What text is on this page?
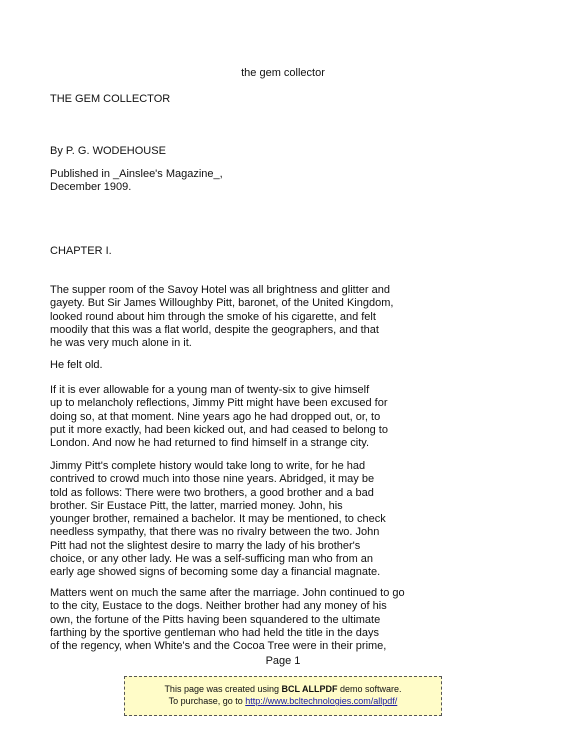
the gem collector
THE GEM COLLECTOR
By P. G. WODEHOUSE
Published in _Ainslee's Magazine_,
December 1909.
CHAPTER I.
The supper room of the Savoy Hotel was all brightness and glitter and
gayety. But Sir James Willoughby Pitt, baronet, of the United Kingdom,
looked round about him through the smoke of his cigarette, and felt
moodily that this was a flat world, despite the geographers, and that
he was very much alone in it.
He felt old.
If it is ever allowable for a young man of twenty-six to give himself
up to melancholy reflections, Jimmy Pitt might have been excused for
doing so, at that moment. Nine years ago he had dropped out, or, to
put it more exactly, had been kicked out, and had ceased to belong to
London. And now he had returned to find himself in a strange city.
Jimmy Pitt's complete history would take long to write, for he had
contrived to crowd much into those nine years. Abridged, it may be
told as follows: There were two brothers, a good brother and a bad
brother. Sir Eustace Pitt, the latter, married money. John, his
younger brother, remained a bachelor. It may be mentioned, to check
needless sympathy, that there was no rivalry between the two. John
Pitt had not the slightest desire to marry the lady of his brother's
choice, or any other lady. He was a self-sufficing man who from an
early age showed signs of becoming some day a financial magnate.
Matters went on much the same after the marriage. John continued to go
to the city, Eustace to the dogs. Neither brother had any money of his
own, the fortune of the Pitts having been squandered to the ultimate
farthing by the sportive gentleman who had held the title in the days
of the regency, when White's and the Cocoa Tree were in their prime,
Page 1
This page was created using BCL ALLPDF demo software.
To purchase, go to http://www.bcltechnologies.com/allpdf/
